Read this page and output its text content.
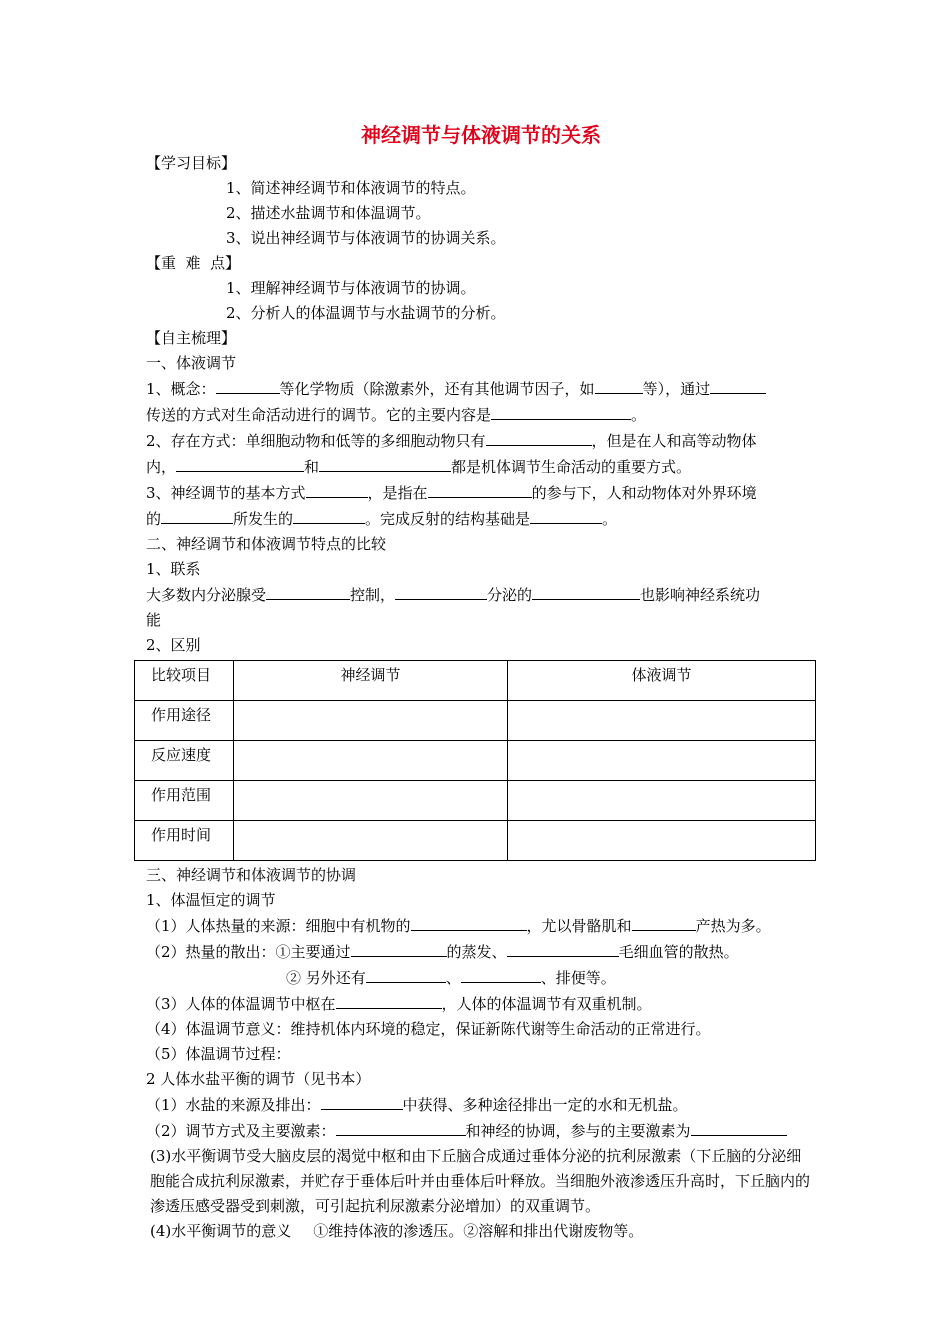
神经调节与体液调节的关系
【学习目标】
1、简述神经调节和体液调节的特点。
2、描述水盐调节和体温调节。
3、说出神经调节与体液调节的协调关系。
【重  难  点】
1、理解神经调节与体液调节的协调。
2、分析人的体温调节与水盐调节的分析。
【自主梳理】
一、体液调节
1、概念：	等化学物质（除激素外，还有其他调节因子，如	等），通过
传送的方式对生命活动进行的调节。它的主要内容是	。
2、存在方式：单细胞动物和低等的多细胞动物只有	，但是在人和高等动物体
内，	和	都是机体调节生命活动的重要方式。
3、神经调节的基本方式	，是指在	的参与下，人和动物体对外界环境
的	所发生的	。完成反射的结构基础是	。
二、神经调节和体液调节特点的比较
1、联系
大多数内分泌腺受	控制，	分泌的	也影响神经系统功
能
2、区别
比较项目	神经调节	体液调节
作用途径		
反应速度		
作用范围		
作用时间		
三、神经调节和体液调节的协调
1、体温恒定的调节
（1）人体热量的来源：细胞中有机物的	，尤以骨骼肌和	产热为多。
（2）热量的散出：①主要通过	的蒸发、	毛细血管的散热。
② 另外还有	、	、排便等。
（3）人体的体温调节中枢在	，人体的体温调节有双重机制。
（4）体温调节意义：维持机体内环境的稳定，保证新陈代谢等生命活动的正常进行。
（5）体温调节过程：
2 人体水盐平衡的调节（见书本）
（1）水盐的来源及排出：	中获得、多种途径排出一定的水和无机盐。
（2）调节方式及主要激素：	和神经的协调，参与的主要激素为
(3)水平衡调节受大脑皮层的渴觉中枢和由下丘脑合成通过垂体分泌的抗利尿激素（下丘脑的分泌细胞能合成抗利尿激素，并贮存于垂体后叶并由垂体后叶释放。当细胞外液渗透压升高时，下丘脑内的渗透压感受器受到刺激，可引起抗利尿激素分泌增加）的双重调节。
(4)水平衡调节的意义 ①维持体液的渗透压。②溶解和排出代谢废物等。
